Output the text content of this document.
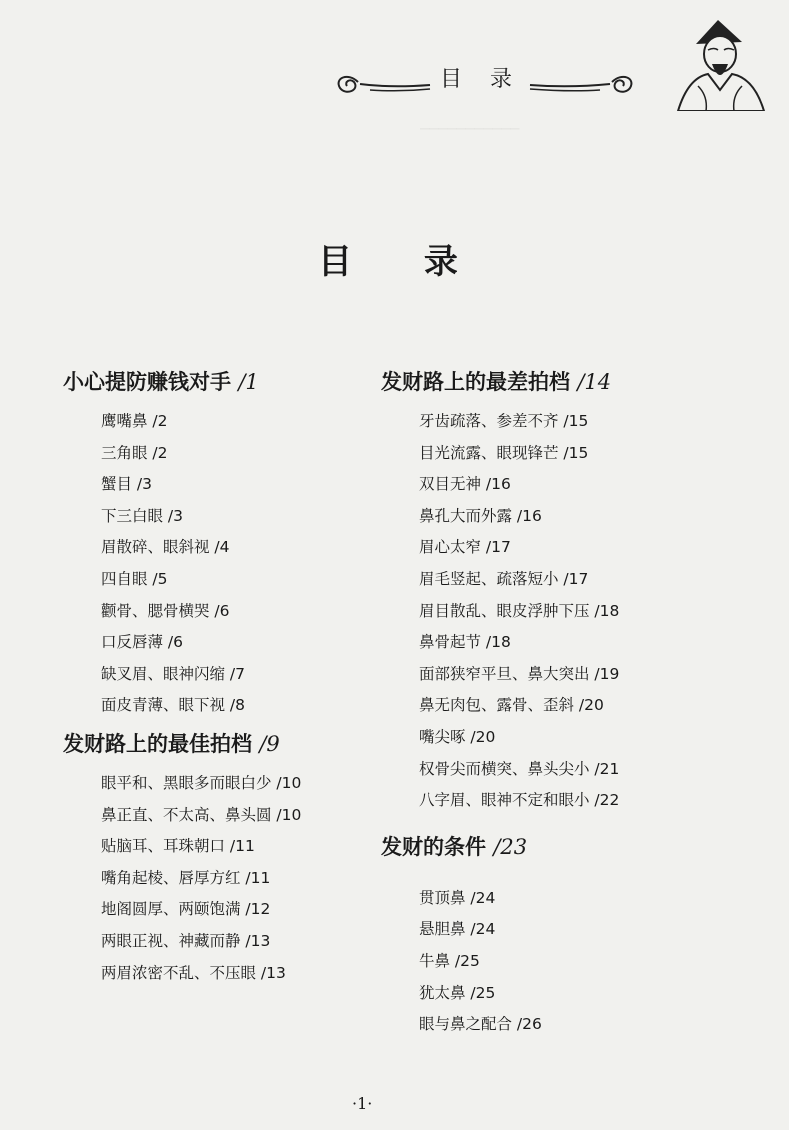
───────────
目录
目 录
小心提防赚钱对手 /1
鹰嘴鼻 /2
三角眼 /2
蟹目 /3
下三白眼 /3
眉散碎、眼斜视 /4
四自眼 /5
颧骨、腮骨横哭 /6
口反唇薄 /6
缺叉眉、眼神闪缩 /7
面皮青薄、眼下视 /8
发财路上的最佳拍档 /9
眼平和、黑眼多而眼白少 /10
鼻正直、不太高、鼻头圆 /10
贴脑耳、耳珠朝口 /11
嘴角起棱、唇厚方红 /11
地阁圆厚、两颐饱满 /12
两眼正视、神藏而静 /13
两眉浓密不乱、不压眼 /13
发财路上的最差拍档 /14
牙齿疏落、参差不齐 /15
目光流露、眼现锋芒 /15
双目无神 /16
鼻孔大而外露 /16
眉心太窄 /17
眉毛竖起、疏落短小 /17
眉目散乱、眼皮浮肿下压 /18
鼻骨起节 /18
面部狭窄平旦、鼻大突出 /19
鼻无肉包、露骨、歪斜 /20
嘴尖啄 /20
权骨尖而横突、鼻头尖小 /21
八字眉、眼神不定和眼小 /22
发财的条件 /23
贯顶鼻 /24
悬胆鼻 /24
牛鼻 /25
犹太鼻 /25
眼与鼻之配合 /26
·1·
